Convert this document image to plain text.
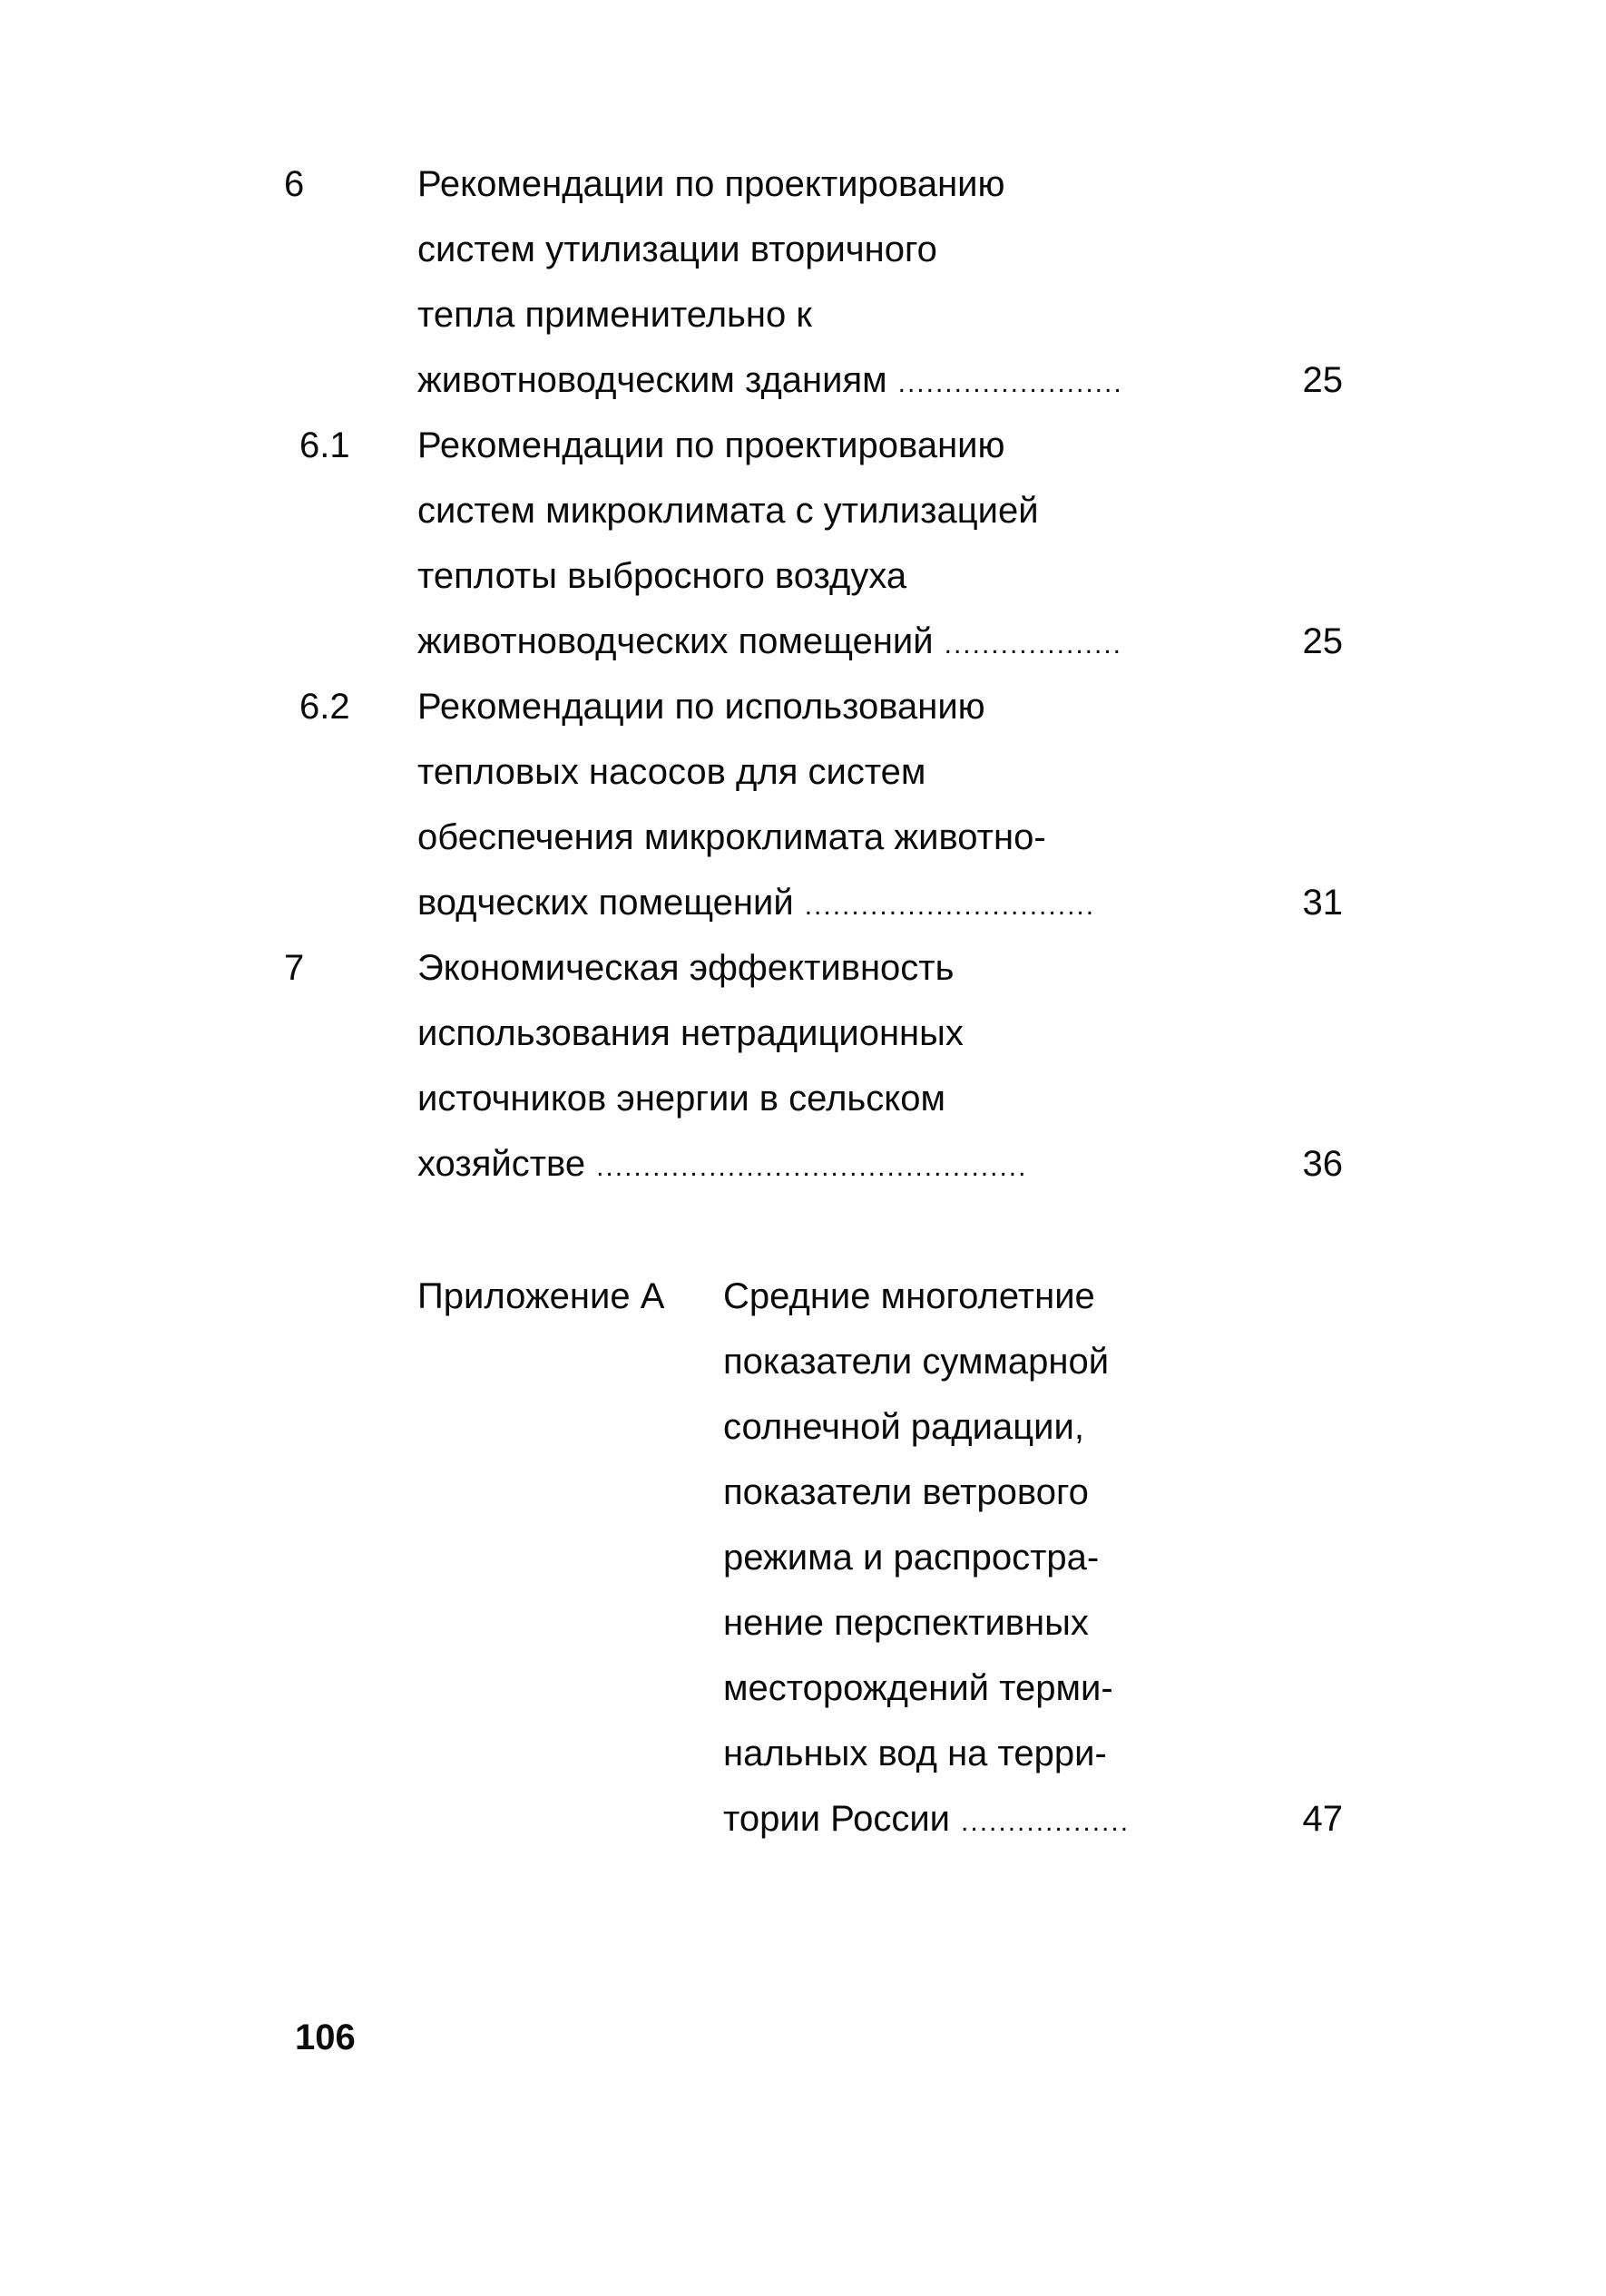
6	Рекомендации по проектированию
систем утилизации вторичного
тепла применительно к
животноводческим зданиям ........................	25
6.1 Рекомендации по проектированию
систем микроклимата с утилизацией
теплоты выбросного воздуха
животноводческих помещений ...................	25
6.2 Рекомендации по использованию
тепловых насосов для систем
обеспечения микроклимата животно-
водческих помещений ...............................	31
7	Экономическая эффективность
использования нетрадиционных
источников энергии в сельском
хозяйстве ..............................................	36
Приложение А Средние многолетние
показатели суммарной
солнечной радиации,
показатели ветрового
режима и распростра-
нение перспективных
месторождений терми-
нальных вод на терри-
тории России ..................	47
106
